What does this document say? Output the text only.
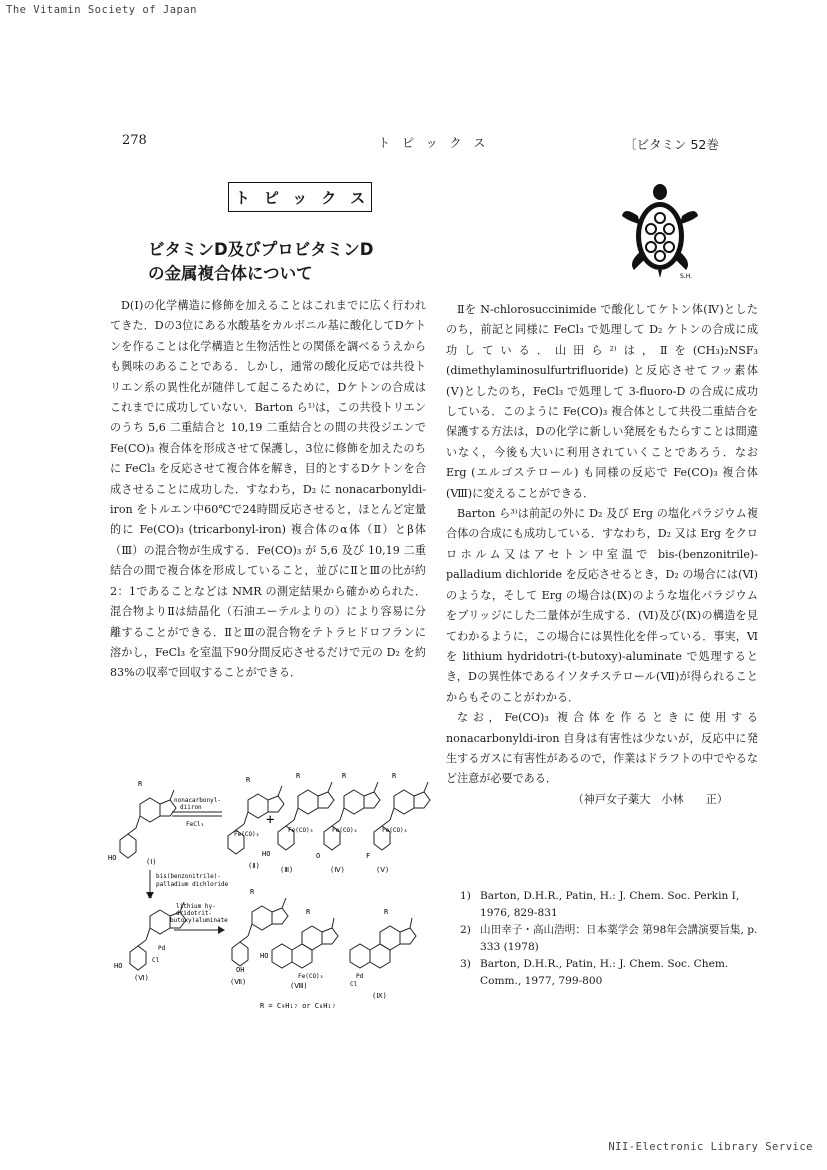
The Vitamin Society of Japan
278	トピックス	〔ビタミン 52巻
トピックス
ビタミンD及びプロビタミンD
の金属複合体について	S.H.

D(Ⅰ)の化学構造に修飾を加えることはこれまでに広く行われてきた．Dの3位にある水酸基をカルボニル基に酸化してDケトンを作ることは化学構造と生物活性との関係を調べるうえからも興味のあることである．しかし，通常の酸化反応では共役トリエン系の異性化が随伴して起こるために，Dケトンの合成はこれまでに成功していない．Barton ら¹⁾は，この共役トリエンのうち 5,6 二重結合と 10,19 二重結合との間の共役ジエンで Fe(CO)₃ 複合体を形成させて保護し，3位に修飾を加えたのちに FeCl₃ を反応させて複合体を解き，目的とするDケトンを合成させることに成功した．すなわち，D₂ に nonacarbonyldi-iron をトルエン中60℃で24時間反応させると，ほとんど定量的に Fe(CO)₃ (tricarbonyl-iron) 複合体のα体（Ⅱ）とβ体（Ⅲ）の混合物が生成する．Fe(CO)₃ が 5,6 及び 10,19 二重結合の間で複合体を形成していること，並びにⅡとⅢの比が約2：1であることなどは NMR の測定結果から確かめられた．混合物よりⅡは結晶化（石油エーテルよりの）により容易に分離することができる．ⅡとⅢの混合物をテトラヒドロフランに溶かし，FeCl₃ を室温下90分間反応させるだけで元の D₂ を約83%の収率で回収することができる．

Ⅱを N-chlorosuccinimide で酸化してケトン体(Ⅳ)としたのち，前記と同様に FeCl₃ で処理して D₂ ケトンの合成に成功している．山田ら²⁾は，Ⅱを(CH₃)₂NSF₃ (dimethylaminosulfurtrifluoride) と反応させてフッ素体(Ⅴ)としたのち，FeCl₃ で処理して 3-fluoro-D の合成に成功している．このように Fe(CO)₃ 複合体として共役二重結合を保護する方法は，Dの化学に新しい発展をもたらすことは間違いなく，今後も大いに利用されていくことであろう．なお Erg (エルゴステロール) も同様の反応で Fe(CO)₃ 複合体(Ⅷ)に変えることができる．

Barton ら³⁾は前記の外に D₂ 及び Erg の塩化パラジウム複合体の合成にも成功している．すなわち，D₂ 又は Erg をクロロホルム又はアセトン中室温で bis-(benzonitrile)-palladium dichloride を反応させるとき，D₂ の場合には(Ⅵ)のような，そして Erg の場合は(Ⅸ)のような塩化パラジウムをブリッジにした二量体が生成する．(Ⅵ)及び(Ⅸ)の構造を見てわかるように，この場合には異性化を伴っている．事実，Ⅵを lithium hydridotri-(t-butoxy)-aluminate で処理するとき，Dの異性体であるイソタチステロール(Ⅶ)が得られることからもそのことがわかる．

なお，Fe(CO)₃ 複合体を作るときに使用する nonacarbonyldi-iron 自身は有害性は少ないが，反応中に発生するガスに有害性があるので，作業はドラフトの中でやるなど注意が必要である．

（神戸女子薬大　小林　　正）

1) Barton, D.H.R., Patin, H.: J. Chem. Soc. Perkin I, 1976, 829-831
2) 山田幸子・高山浩明：日本薬学会 第98年会講演要旨集, p. 333 (1978)
3) Barton, D.H.R., Patin, H.: J. Chem. Soc. Chem. Comm., 1977, 799-800
R
HO	(Ⅰ)
nonacarbonyl-
diiron
FeCl₃
R
Fe(CO)₃
(Ⅱ)
+
R
Fe(CO)₃
HO
(Ⅲ)
R
Fe(CO)₃
O
(Ⅳ)
R
Fe(CO)₃
F
(Ⅴ)
bis(benzonitrile)-
palladium dichloride
R
Pd
Cl
HO
(Ⅵ)
lithium hy-
dridotrit-
butoxy)aluminate
R
OH
(Ⅶ)
R
HO
Fe(CO)₃
(Ⅷ)
R
Pd
Cl
(Ⅸ)
R = C₉H₁₇ or C₈H₁₇
NII-Electronic Library Service
